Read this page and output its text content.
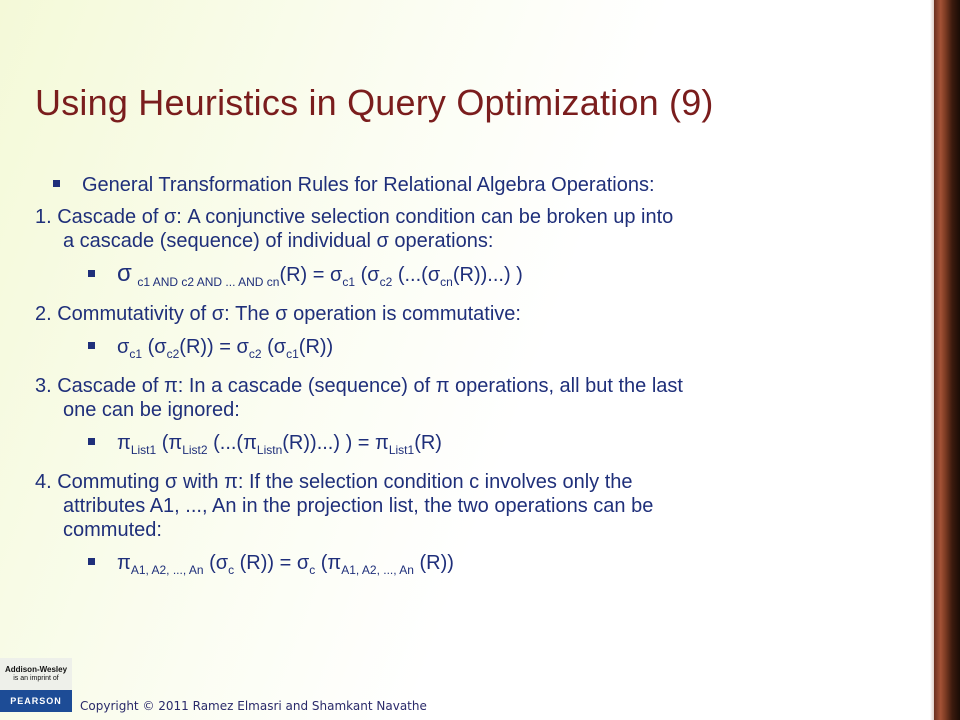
Using Heuristics in Query Optimization (9)
General Transformation Rules for Relational Algebra Operations:
1. Cascade of σ: A conjunctive selection condition can be broken up into
a cascade (sequence) of individual σ operations:
σ $_{c1 AND c2 AND ... AND cn}(R) = \sigma_{c1}$ ($\sigma_{c2}$ $(...(\sigma_{cn}(R))...)$ )
2. Commutativity of σ: The σ operation is commutative:
$\sigma_{c1}$ $(\sigma_{c2}(R)) = \sigma_{c2}$ $(\sigma_{c1}(R))$
3. Cascade of π: In a cascade (sequence) of π operations, all but the last
one can be ignored:
$\pi_{List1}$ ($\pi_{List2}$ $(...(\pi_{Listn}(R))...)$ ) = $\pi_{List1}(R)$
4. Commuting σ with π: If the selection condition c involves only the
attributes A1, ..., An in the projection list, the two operations can be
commuted:
$\pi_{A1, A2, ..., An}$ ($\sigma_c$ $(R)) = \sigma_c$ ($\pi_{A1, A2, ..., An}$ (R))
Addison-Wesley
is an imprint of
PEARSON	Copyright © 2011 Ramez Elmasri and Shamkant Navathe
